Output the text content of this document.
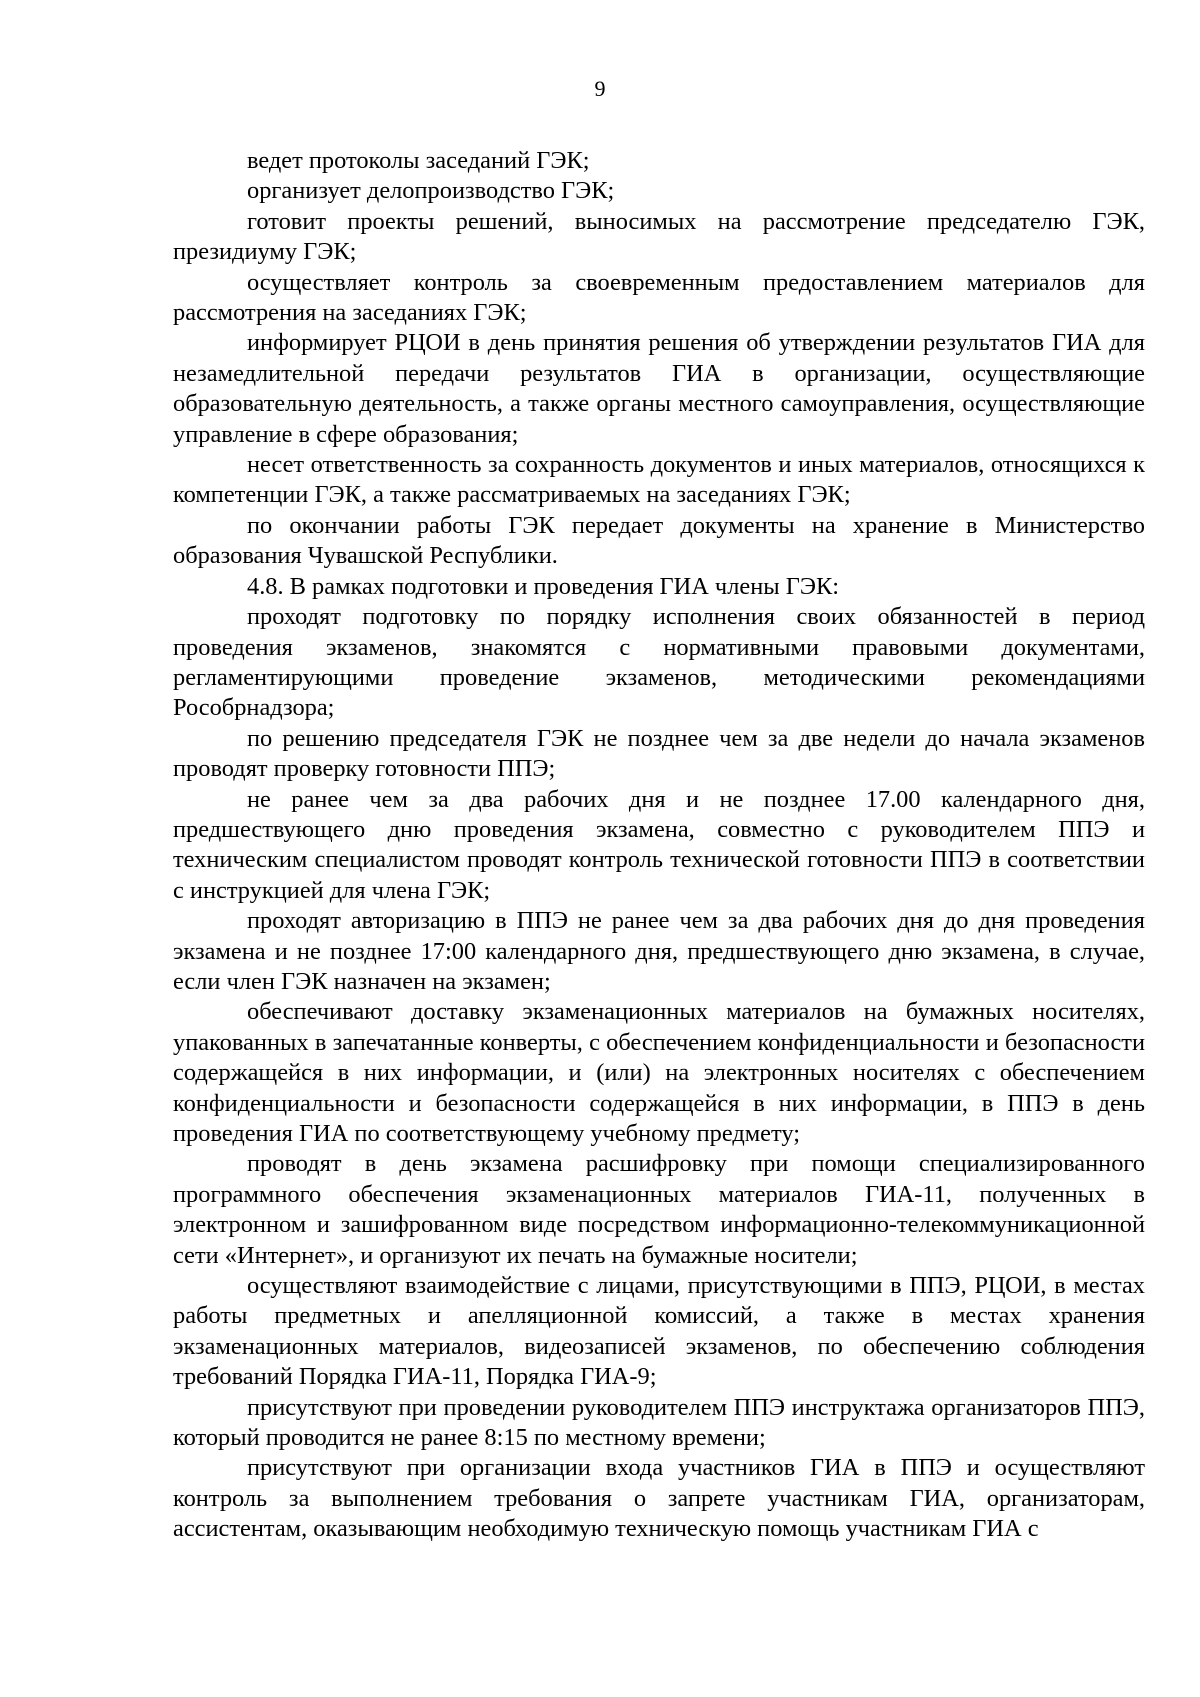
9

ведет протоколы заседаний ГЭК;

организует делопроизводство ГЭК;

готовит проекты решений, выносимых на рассмотрение председателю ГЭК, президиуму ГЭК;

осуществляет контроль за своевременным предоставлением материалов для рассмотрения на заседаниях ГЭК;

информирует РЦОИ в день принятия решения об утверждении результатов ГИА для незамедлительной передачи результатов ГИА в организации, осуществляющие образовательную деятельность, а также органы местного самоуправления, осуществляющие управление в сфере образования;

несет ответственность за сохранность документов и иных материалов, относящихся к компетенции ГЭК, а также рассматриваемых на заседаниях ГЭК;

по окончании работы ГЭК передает документы на хранение в Министерство образования Чувашской Республики.

4.8. В рамках подготовки и проведения ГИА члены ГЭК:

проходят подготовку по порядку исполнения своих обязанностей в период проведения экзаменов, знакомятся с нормативными правовыми документами, регламентирующими проведение экзаменов, методическими рекомендациями Рособрнадзора;

по решению председателя ГЭК не позднее чем за две недели до начала экзаменов проводят проверку готовности ППЭ;

не ранее чем за два рабочих дня и не позднее 17.00 календарного дня, предшествующего дню проведения экзамена, совместно с руководителем ППЭ и техническим специалистом проводят контроль технической готовности ППЭ в соответствии с инструкцией для члена ГЭК;

проходят авторизацию в ППЭ не ранее чем за два рабочих дня до дня проведения экзамена и не позднее 17:00 календарного дня, предшествующего дню экзамена, в случае, если член ГЭК назначен на экзамен;

обеспечивают доставку экзаменационных материалов на бумажных носителях, упакованных в запечатанные конверты, с обеспечением конфиденциальности и безопасности содержащейся в них информации, и (или) на электронных носителях с обеспечением конфиденциальности и безопасности содержащейся в них информации, в ППЭ в день проведения ГИА по соответствующему учебному предмету;

проводят в день экзамена расшифровку при помощи специализированного программного обеспечения экзаменационных материалов ГИА-11, полученных в электронном и зашифрованном виде посредством информационно-телекоммуникационной сети «Интернет», и организуют их печать на бумажные носители;

осуществляют взаимодействие с лицами, присутствующими в ППЭ, РЦОИ, в местах работы предметных и апелляционной комиссий, а также в местах хранения экзаменационных материалов, видеозаписей экзаменов, по обеспечению соблюдения требований Порядка ГИА-11, Порядка ГИА-9;

присутствуют при проведении руководителем ППЭ инструктажа организаторов ППЭ, который проводится не ранее 8:15 по местному времени;

присутствуют при организации входа участников ГИА в ППЭ и осуществляют контроль за выполнением требования о запрете участникам ГИА, организаторам, ассистентам, оказывающим необходимую техническую помощь участникам ГИА с
